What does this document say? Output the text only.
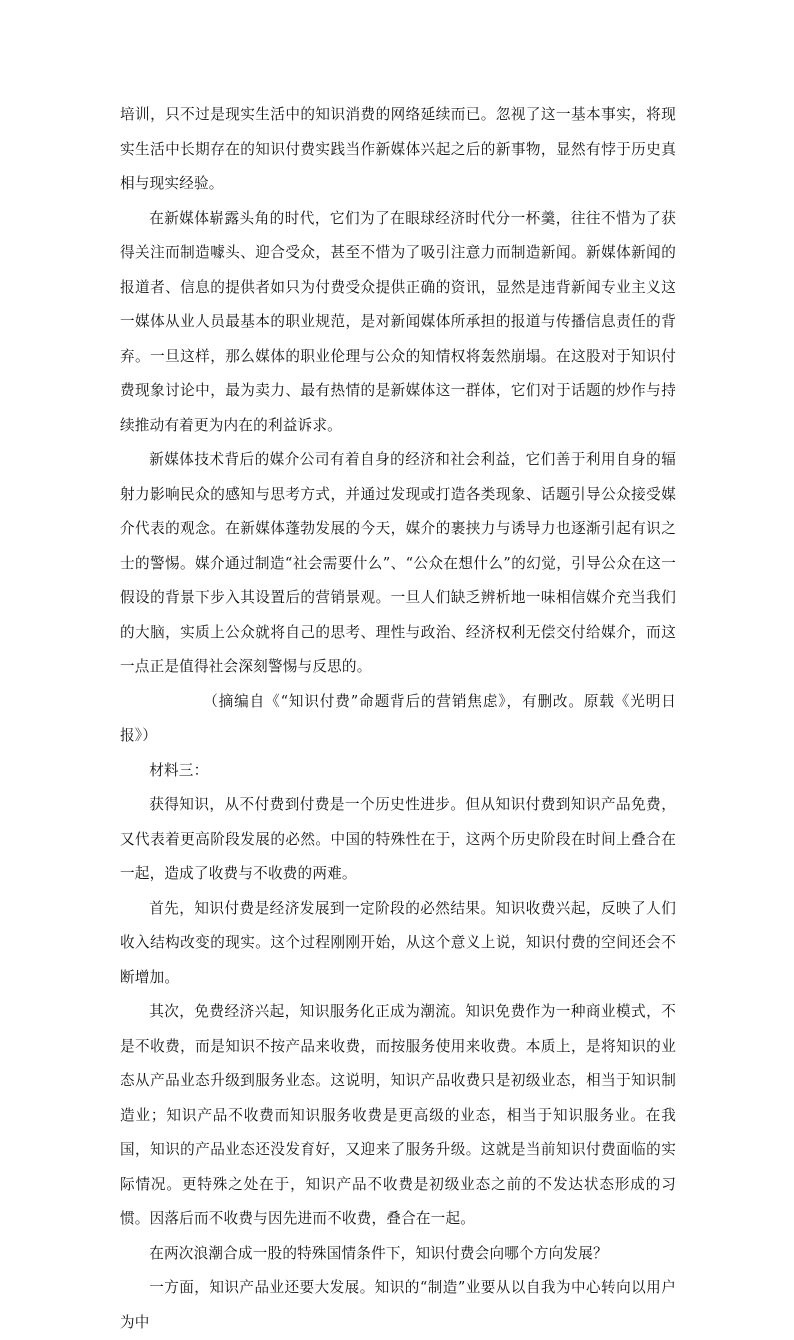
培训，只不过是现实生活中的知识消费的网络延续而已。忽视了这一基本事实，将现实生活中长期存在的知识付费实践当作新媒体兴起之后的新事物，显然有悖于历史真相与现实经验。

在新媒体崭露头角的时代，它们为了在眼球经济时代分一杯羹，往往不惜为了获得关注而制造噱头、迎合受众，甚至不惜为了吸引注意力而制造新闻。新媒体新闻的报道者、信息的提供者如只为付费受众提供正确的资讯，显然是违背新闻专业主义这一媒体从业人员最基本的职业规范，是对新闻媒体所承担的报道与传播信息责任的背弃。一旦这样，那么媒体的职业伦理与公众的知情权将轰然崩塌。在这股对于知识付费现象讨论中，最为卖力、最有热情的是新媒体这一群体，它们对于话题的炒作与持续推动有着更为内在的利益诉求。

新媒体技术背后的媒介公司有着自身的经济和社会利益，它们善于利用自身的辐射力影响民众的感知与思考方式，并通过发现或打造各类现象、话题引导公众接受媒介代表的观念。在新媒体蓬勃发展的今天，媒介的裹挟力与诱导力也逐渐引起有识之士的警惕。媒介通过制造“社会需要什么”、“公众在想什么”的幻觉，引导公众在这一假设的背景下步入其设置后的营销景观。一旦人们缺乏辨析地一味相信媒介充当我们的大脑，实质上公众就将自己的思考、理性与政治、经济权利无偿交付给媒介，而这一点正是值得社会深刻警惕与反思的。

（摘编自《“知识付费”命题背后的营销焦虑》，有删改。原载《光明日报》）

材料三：

获得知识，从不付费到付费是一个历史性进步。但从知识付费到知识产品免费，又代表着更高阶段发展的必然。中国的特殊性在于，这两个历史阶段在时间上叠合在一起，造成了收费与不收费的两难。

首先，知识付费是经济发展到一定阶段的必然结果。知识收费兴起，反映了人们收入结构改变的现实。这个过程刚刚开始，从这个意义上说，知识付费的空间还会不断增加。

其次，免费经济兴起，知识服务化正成为潮流。知识免费作为一种商业模式，不是不收费，而是知识不按产品来收费，而按服务使用来收费。本质上，是将知识的业态从产品业态升级到服务业态。这说明，知识产品收费只是初级业态，相当于知识制造业；知识产品不收费而知识服务收费是更高级的业态，相当于知识服务业。在我国，知识的产品业态还没发育好，又迎来了服务升级。这就是当前知识付费面临的实际情况。更特殊之处在于，知识产品不收费是初级业态之前的不发达状态形成的习惯。因落后而不收费与因先进而不收费，叠合在一起。

在两次浪潮合成一股的特殊国情条件下，知识付费会向哪个方向发展？

一方面，知识产品业还要大发展。知识的“制造”业要从以自我为中心转向以用户为中
